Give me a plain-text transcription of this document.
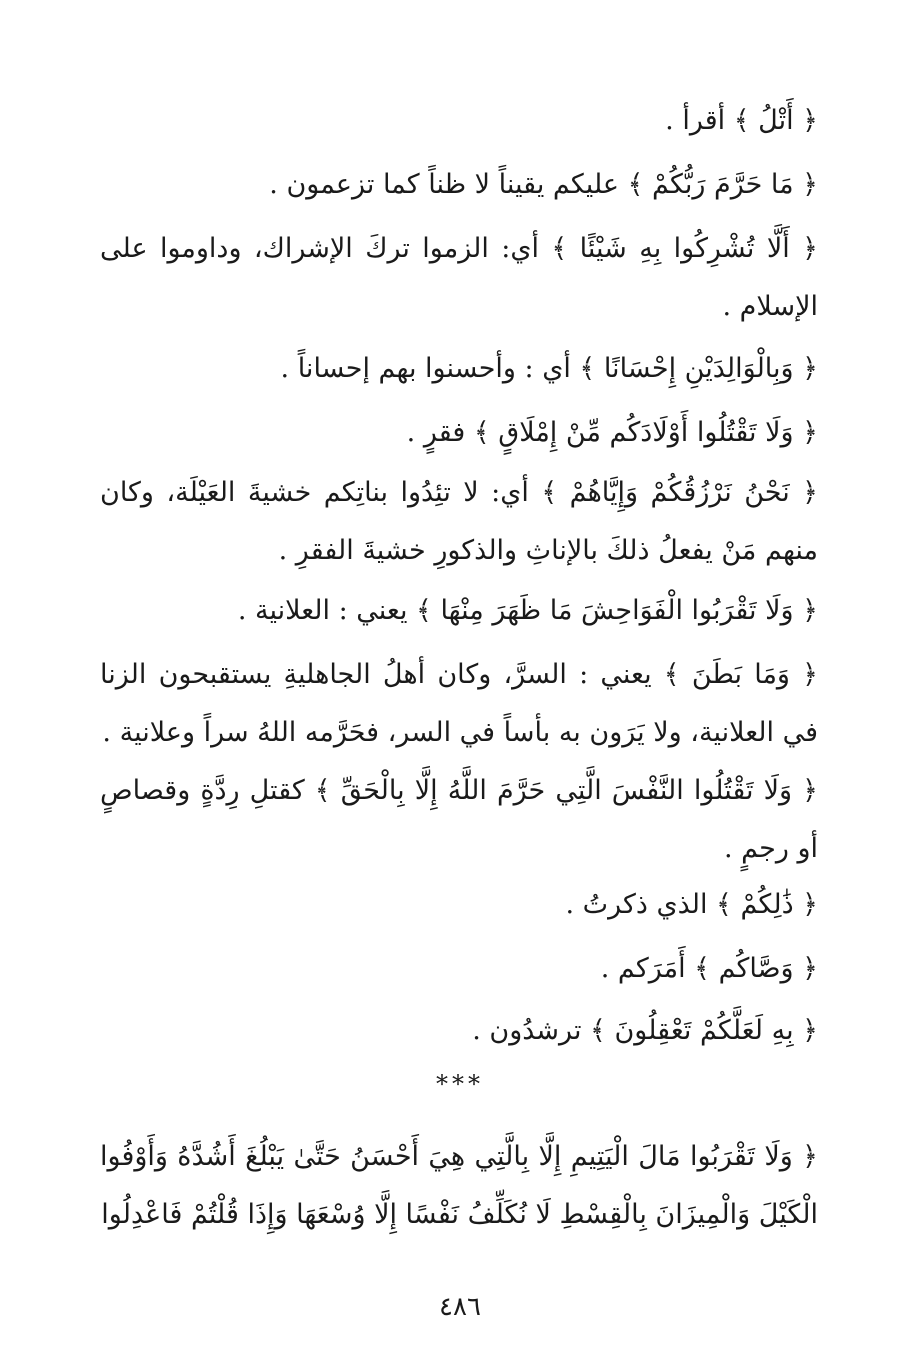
﴿ أَتْلُ ﴾ أقرأ .

﴿ مَا حَرَّمَ رَبُّكُمْ ﴾ عليكم يقيناً لا ظناً كما تزعمون .

﴿ أَلَّا تُشْرِكُوا بِهِ شَيْئًا ﴾ أي: الزموا تركَ الإشراك، وداوموا على الإسلام .

﴿ وَبِالْوَالِدَيْنِ إِحْسَانًا ﴾ أي : وأحسنوا بهم إحساناً .

﴿ وَلَا تَقْتُلُوا أَوْلَادَكُم مِّنْ إِمْلَاقٍ ﴾ فقرٍ .

﴿ نَحْنُ نَرْزُقُكُمْ وَإِيَّاهُمْ ﴾ أي: لا تئِدُوا بناتِكم خشيةَ العَيْلَة، وكان منهم مَنْ يفعلُ ذلكَ بالإناثِ والذكورِ خشيةَ الفقرِ .

﴿ وَلَا تَقْرَبُوا الْفَوَاحِشَ مَا ظَهَرَ مِنْهَا ﴾ يعني : العلانية .

﴿ وَمَا بَطَنَ ﴾ يعني : السرَّ، وكان أهلُ الجاهليةِ يستقبحون الزنا في العلانية، ولا يَرَون به بأساً في السر، فحَرَّمه اللهُ سراً وعلانية .

﴿ وَلَا تَقْتُلُوا النَّفْسَ الَّتِي حَرَّمَ اللَّهُ إِلَّا بِالْحَقِّ ﴾ كقتلِ رِدَّةٍ وقصاصٍ أو رجمٍ .

﴿ ذَٰلِكُمْ ﴾ الذي ذكرتُ .

﴿ وَصَّاكُم ﴾ أَمَرَكم .

﴿ بِهِ لَعَلَّكُمْ تَعْقِلُونَ ﴾ ترشدُون .

***

﴿ وَلَا تَقْرَبُوا مَالَ الْيَتِيمِ إِلَّا بِالَّتِي هِيَ أَحْسَنُ حَتَّىٰ يَبْلُغَ أَشُدَّهُ وَأَوْفُوا الْكَيْلَ وَالْمِيزَانَ بِالْقِسْطِ لَا نُكَلِّفُ نَفْسًا إِلَّا وُسْعَهَا وَإِذَا قُلْتُمْ فَاعْدِلُوا

٤٨٦
